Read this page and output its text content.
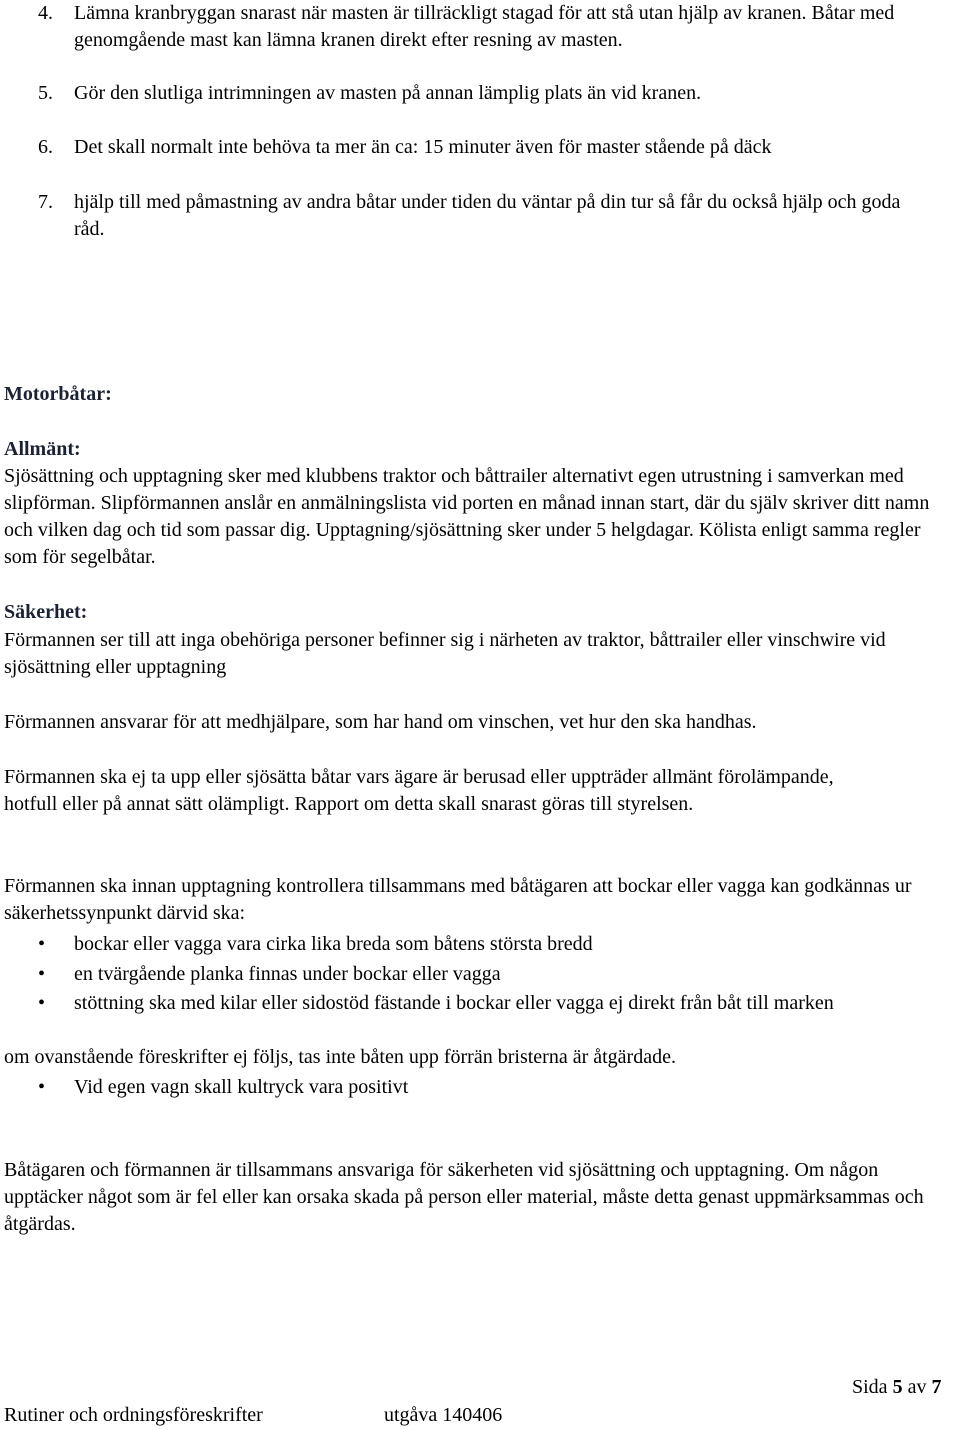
4.	Lämna kranbryggan snarast när masten är tillräckligt stagad för att stå utan hjälp av kranen. Båtar med genomgående mast kan lämna kranen direkt efter resning av masten.
5.	Gör den slutliga intrimningen av masten på annan lämplig plats än vid kranen.
6.	Det skall normalt inte behöva ta mer än ca: 15 minuter även för master stående på däck
7.	hjälp till med påmastning av andra båtar under tiden du väntar på din tur så får du också hjälp och goda råd.
Motorbåtar:
Allmänt:
Sjösättning och upptagning sker med klubbens traktor och båttrailer alternativt egen utrustning i samverkan med slipförman. Slipförmannen anslår en anmälningslista vid porten en månad innan start, där du själv skriver ditt namn och vilken dag och tid som passar dig. Upptagning/sjösättning sker under 5 helgdagar. Kölista enligt samma regler som för segelbåtar.
Säkerhet:
Förmannen ser till att inga obehöriga personer befinner sig i närheten av traktor, båttrailer eller vinschwire vid sjösättning eller upptagning
Förmannen ansvarar för att medhjälpare, som har hand om vinschen, vet hur den ska handhas.
Förmannen ska ej ta upp eller sjösätta båtar vars ägare är berusad eller uppträder allmänt förolämpande, hotfull eller på annat sätt olämpligt. Rapport om detta skall snarast göras till styrelsen.
Förmannen ska innan upptagning kontrollera tillsammans med båtägaren att bockar eller vagga kan godkännas ur säkerhetssynpunkt därvid ska:
•	bockar eller vagga vara cirka lika breda som båtens största bredd
•	en tvärgående planka finnas under bockar eller vagga
•	stöttning ska med kilar eller sidostöd fästande i bockar eller vagga ej direkt från båt till marken
om ovanstående föreskrifter ej följs, tas inte båten upp förrän bristerna är åtgärdade.
•	Vid egen vagn skall kultryck vara positivt
Båtägaren och förmannen är tillsammans ansvariga för säkerheten vid sjösättning och upptagning. Om någon upptäcker något som är fel eller kan orsaka skada på person eller material, måste detta genast uppmärksammas och åtgärdas.
Sida 5 av 7
Rutiner och ordningsföreskrifter	utgåva 140406
